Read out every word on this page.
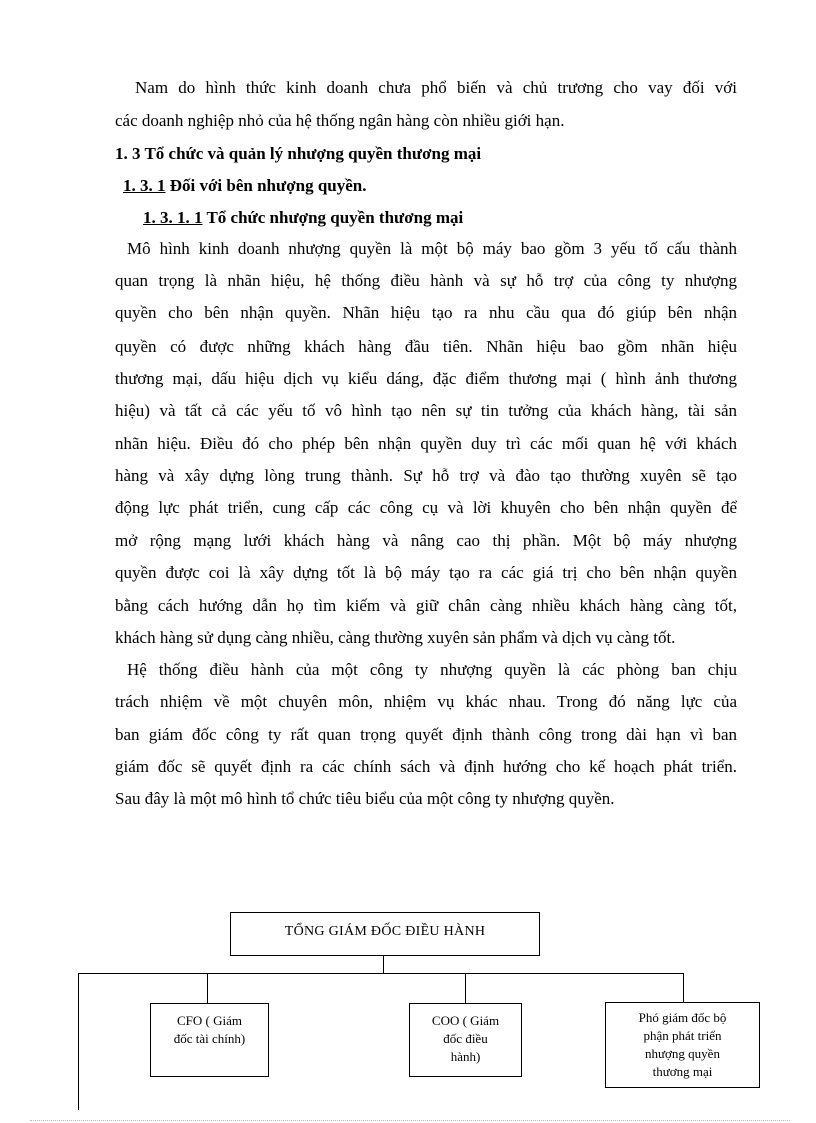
Nam do hình thức kinh doanh chưa phổ biến và chủ trương cho vay đối với
các doanh nghiệp nhỏ của hệ thống ngân hàng còn nhiều giới hạn.
1. 3 Tổ chức và quản lý nhượng quyền thương mại
1. 3. 1 Đối với bên nhượng quyền.
1. 3. 1. 1 Tổ chức nhượng quyền thương mại
Mô hình kinh doanh nhượng quyền là một bộ máy bao gồm 3 yếu tố cấu thành
quan trọng là nhãn hiệu, hệ thống điều hành và sự hỗ trợ của công ty nhượng
quyền cho bên nhận quyền. Nhãn hiệu tạo ra nhu cầu qua đó giúp bên nhận
quyền có được những khách hàng đầu tiên. Nhãn hiệu bao gồm nhãn hiệu
thương mại, dấu hiệu dịch vụ kiểu dáng, đặc điểm thương mại ( hình ảnh thương
hiệu) và tất cả các yếu tố vô hình tạo nên sự tin tưởng của khách hàng, tài sản
nhãn hiệu. Điều đó cho phép bên nhận quyền duy trì các mối quan hệ với khách
hàng và xây dựng lòng trung thành. Sự hỗ trợ và đào tạo thường xuyên sẽ tạo
động lực phát triển, cung cấp các công cụ và lời khuyên cho bên nhận quyền để
mở rộng mạng lưới khách hàng và nâng cao thị phần. Một bộ máy nhượng
quyền được coi là xây dựng tốt là bộ máy tạo ra các giá trị cho bên nhận quyền
bằng cách hướng dẫn họ tìm kiếm và giữ chân càng nhiều khách hàng càng tốt,
khách hàng sử dụng càng nhiều, càng thường xuyên sản phẩm và dịch vụ càng tốt.
Hệ thống điều hành của một công ty nhượng quyền là các phòng ban chịu
trách nhiệm về một chuyên môn, nhiệm vụ khác nhau. Trong đó năng lực của
ban giám đốc công ty rất quan trọng quyết định thành công trong dài hạn vì ban
giám đốc sẽ quyết định ra các chính sách và định hướng cho kế hoạch phát triển.
Sau đây là một mô hình tổ chức tiêu biểu của một công ty nhượng quyền.
TỔNG GIÁM ĐỐC ĐIỀU HÀNH
CFO ( Giám
đốc tài chính)
COO ( Giám
đốc điều
hành)
Phó giám đốc bộ
phận phát triển
nhượng quyền
thương mại
